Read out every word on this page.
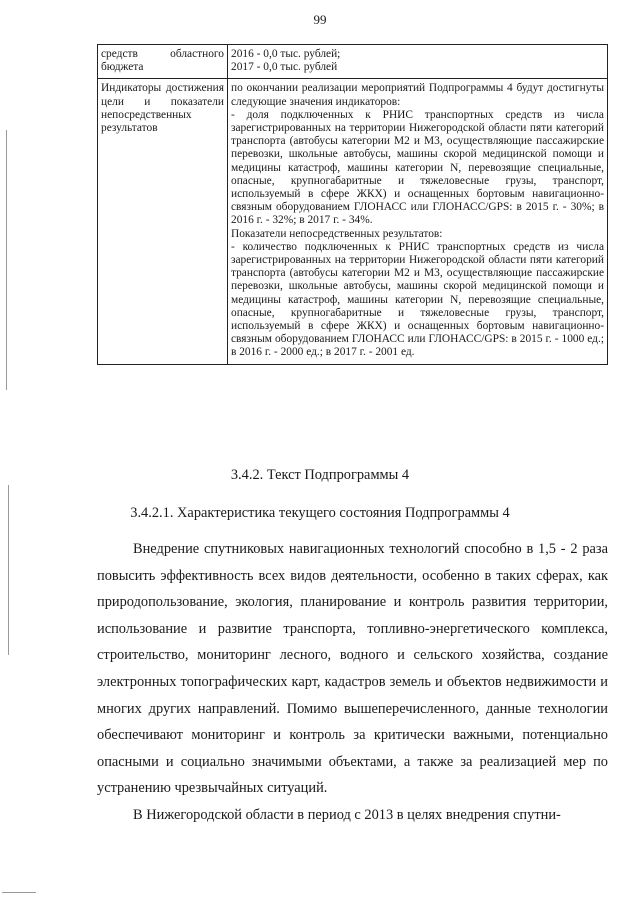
99
средств областного бюджета	2016 - 0,0 тыс. рублей;
2017 - 0,0 тыс. рублей

Индикаторы достижения цели и показатели непосредственных результатов	по окончании реализации мероприятий Подпрограммы 4 будут достигнуты следующие значения индикаторов:
- доля подключенных к РНИС транспортных средств из числа зарегистрированных на территории Нижегородской области пяти категорий транспорта (автобусы категории М2 и М3, осуществляющие пассажирские перевозки, школьные автобусы, машины скорой медицинской помощи и медицины катастроф, машины категории N, перевозящие специальные, опасные, крупногабаритные и тяжеловесные грузы, транспорт, используемый в сфере ЖКХ) и оснащенных бортовым навигационно-связным оборудованием ГЛОНАСС или ГЛОНАСС/GPS: в 2015 г. - 30%; в 2016 г. - 32%; в 2017 г. - 34%.
Показатели непосредственных результатов:
- количество подключенных к РНИС транспортных средств из числа зарегистрированных на территории Нижегородской области пяти категорий транспорта (автобусы категории М2 и М3, осуществляющие пассажирские перевозки, школьные автобусы, машины скорой медицинской помощи и медицины катастроф, машины категории N, перевозящие специальные, опасные, крупногабаритные и тяжеловесные грузы, транспорт, используемый в сфере ЖКХ) и оснащенных бортовым навигационно-связным оборудованием ГЛОНАСС или ГЛОНАСС/GPS: в 2015 г. - 1000 ед.; в 2016 г. - 2000 ед.; в 2017 г. - 2001 ед.
3.4.2. Текст Подпрограммы 4
3.4.2.1. Характеристика текущего состояния Подпрограммы 4

Внедрение спутниковых навигационных технологий способно в 1,5 - 2 раза повысить эффективность всех видов деятельности, особенно в таких сферах, как природопользование, экология, планирование и контроль развития территории, использование и развитие транспорта, топливно-энергетического комплекса, строительство, мониторинг лесного, водного и сельского хозяйства, создание электронных топографических карт, кадастров земель и объектов недвижимости и многих других направлений. Помимо вышеперечисленного, данные технологии обеспечивают мониторинг и контроль за критически важными, потенциально опасными и социально значимыми объектами, а также за реализацией мер по устранению чрезвычайных ситуаций.

В Нижегородской области в период с 2013 в целях внедрения спутни-
